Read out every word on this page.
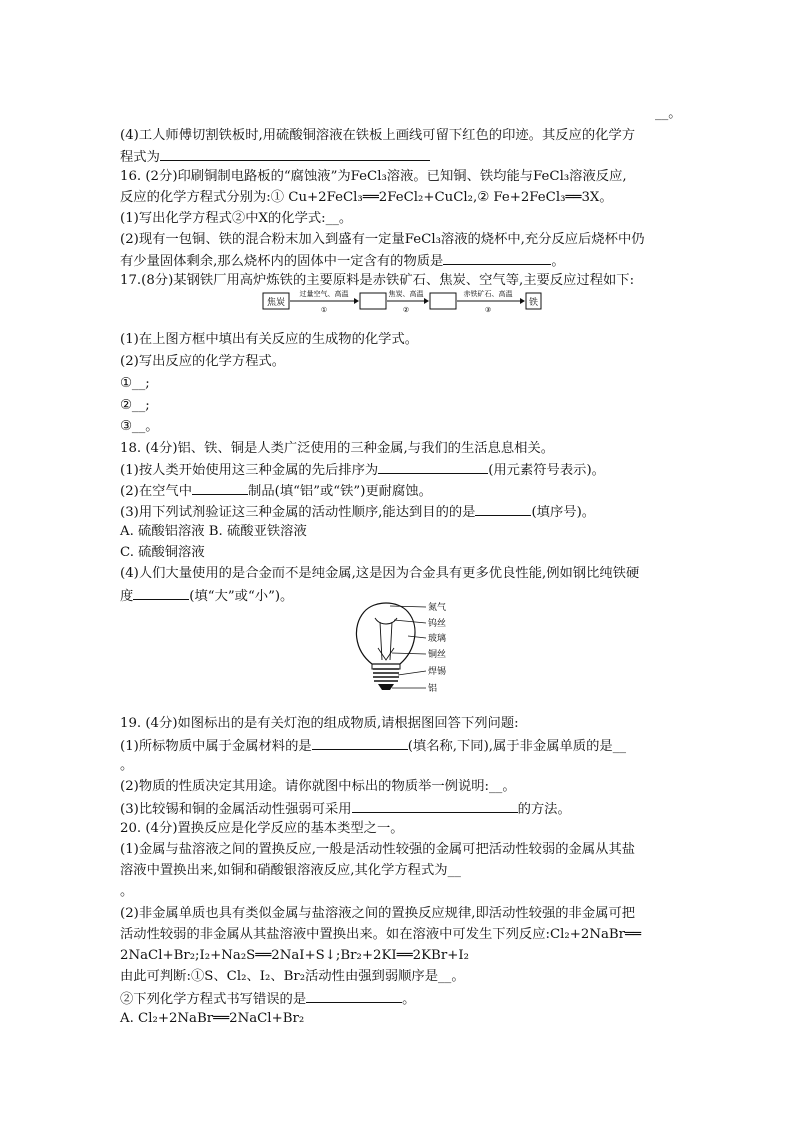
__。
(4)工人师傅切割铁板时,用硫酸铜溶液在铁板上画线可留下红色的印迹。其反应的化学方
程式为
16. (2分)印刷铜制电路板的“腐蚀液”为FeCl₃溶液。已知铜、铁均能与FeCl₃溶液反应,
反应的化学方程式分别为:① Cu+2FeCl₃══2FeCl₂+CuCl₂,② Fe+2FeCl₃══3X。
(1)写出化学方程式②中X的化学式:__。
(2)现有一包铜、铁的混合粉末加入到盛有一定量FeCl₃溶液的烧杯中,充分反应后烧杯中仍
有少量固体剩余,那么烧杯内的固体中一定含有的物质是	。
17.(8分)某钢铁厂用高炉炼铁的主要原料是赤铁矿石、焦炭、空气等,主要反应过程如下:
焦炭
过量空气、高温
①
焦炭、高温
②
赤铁矿石、高温
③
铁
(1)在上图方框中填出有关反应的生成物的化学式。
(2)写出反应的化学方程式。
①__;
②__;
③__。
18. (4分)铝、铁、铜是人类广泛使用的三种金属,与我们的生活息息相关。
(1)按人类开始使用这三种金属的先后排序为	(用元素符号表示)。
(2)在空气中	制品(填“铝”或“铁”)更耐腐蚀。
(3)用下列试剂验证这三种金属的活动性顺序,能达到目的的是	(填序号)。
A. 硫酸铝溶液 B. 硫酸亚铁溶液
C. 硫酸铜溶液
(4)人们大量使用的是合金而不是纯金属,这是因为合金具有更多优良性能,例如钢比纯铁硬
度	(填“大”或“小”)。
氮气
钨丝
玻璃
铜丝
焊锡
铝
19. (4分)如图标出的是有关灯泡的组成物质,请根据图回答下列问题:
(1)所标物质中属于金属材料的是	(填名称,下同),属于非金属单质的是__
。
(2)物质的性质决定其用途。请你就图中标出的物质举一例说明:__。
(3)比较锡和铜的金属活动性强弱可采用	的方法。
20. (4分)置换反应是化学反应的基本类型之一。
(1)金属与盐溶液之间的置换反应,一般是活动性较强的金属可把活动性较弱的金属从其盐
溶液中置换出来,如铜和硝酸银溶液反应,其化学方程式为__
。
(2)非金属单质也具有类似金属与盐溶液之间的置换反应规律,即活动性较强的非金属可把
活动性较弱的非金属从其盐溶液中置换出来。如在溶液中可发生下列反应:Cl₂+2NaBr══
2NaCl+Br₂;I₂+Na₂S══2NaI+S↓;Br₂+2KI══2KBr+I₂
由此可判断:①S、Cl₂、I₂、Br₂活动性由强到弱顺序是__。
②下列化学方程式书写错误的是	。
A. Cl₂+2NaBr══2NaCl+Br₂
